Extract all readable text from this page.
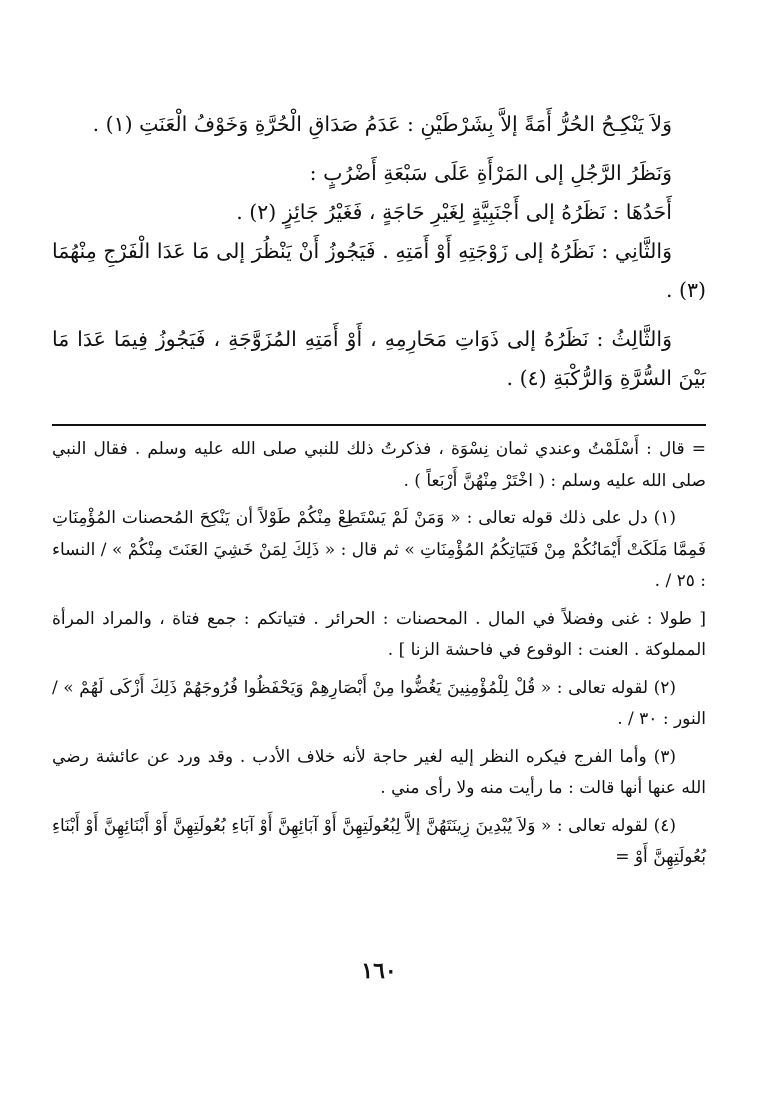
وَلاَ يَنْكِـحُ الحُرُّ أَمَةً إلاَّ بِشَرْطَيْنِ : عَدَمُ صَدَاقِ الْحُرَّةِ وَخَوْفُ الْعَنَتِ (١) .

وَنَظَرُ الرَّجُلِ إلى المَرْأَةِ عَلَى سَبْعَةِ أَضْرُبٍ :

أَحَدُهَا : نَظَرُهُ إلى أَجْنَبِيَّةٍ لِغَيْرِ حَاجَةٍ ، فَغَيْرُ جَائِزٍ (٢) .

وَالثَّانِي : نَظَرُهُ إلى زَوْجَتِهِ أَوْ أَمَتِهِ . فَيَجُوزُ أَنْ يَنْظُرَ إلى مَا عَدَا الْفَرْجِ مِنْهُمَا (٣) .

وَالثَّالِثُ : نَظَرُهُ إلى ذَوَاتِ مَحَارِمِهِ ، أَوْ أَمَتِهِ المُزَوَّجَةِ ، فَيَجُوزُ فِيمَا عَدَا مَا بَيْنَ السُّرَّةِ وَالرُّكْبَةِ (٤) .

= قال : أَسْلَمْتُ وعندي ثمان نِسْوَة ، فذكرتُ ذلك للنبي صلى الله عليه وسلم . فقال النبي صلى الله عليه وسلم : ( اخْتَرْ مِنْهُنَّ أَرْبَعاً ) .

(١) دل على ذلك قوله تعالى : « وَمَنْ لَمْ يَسْتَطِعْ مِنْكُمْ طَوْلاً أن يَنْكِحَ المُحصنات المُؤْمِنَاتِ فَمِمَّا مَلَكَتْ أَيْمَانُكُمْ مِنْ فَتَيَاتِكُمُ المُؤْمِنَاتِ » ثم قال : « ذَلِكَ لِمَنْ خَشِيَ العَنَتَ مِنْكُمْ » / النساء : ٢٥ / .

[ طولا : غنى وفضلاً في المال . المحصنات : الحرائر . فتياتكم : جمع فتاة ، والمراد المرأة المملوكة . العنت : الوقوع في فاحشة الزنا ] .

(٢) لقوله تعالى : « قُلْ لِلْمُؤْمِنِينَ يَغُضُّوا مِنْ أَبْصَارِهِمْ وَيَحْفَظُوا فُرُوجَهُمْ ذَلِكَ أَزْكَى لَهُمْ » / النور : ٣٠ / .

(٣) وأما الفرج فيكره النظر إليه لغير حاجة لأنه خلاف الأدب . وقد ورد عن عائشة رضي الله عنها أنها قالت : ما رأيت منه ولا رأى مني .

(٤) لقوله تعالى : « وَلاَ يُبْدِينَ زِينَتَهُنَّ إلاَّ لِبُعُولَتِهِنَّ أَوْ آبَائِهِنَّ أَوْ آبَاءِ بُعُولَتِهِنَّ أَوْ أَبْنَائِهِنَّ أَوْ أَبْنَاءِ بُعُولَتِهِنَّ أَوْ =

١٦٠
